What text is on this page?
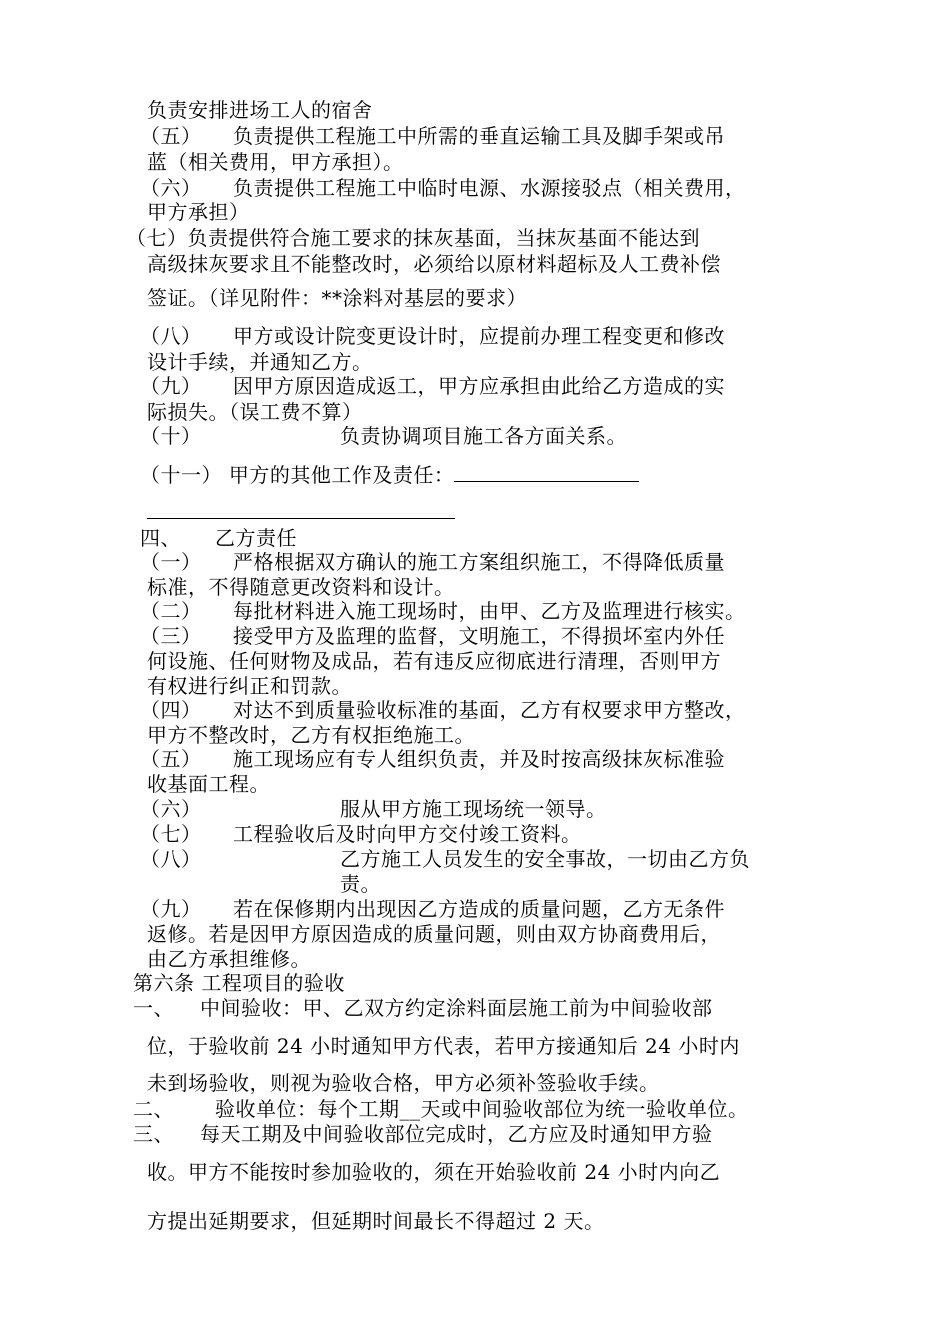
负责安排进场工人的宿舍
（五） 负责提供工程施工中所需的垂直运输工具及脚手架或吊
蓝（相关费用，甲方承担）。
（六） 负责提供工程施工中临时电源、水源接驳点（相关费用，
甲方承担）
（七）负责提供符合施工要求的抹灰基面，当抹灰基面不能达到
高级抹灰要求且不能整改时，必须给以原材料超标及人工费补偿
签证。（详见附件：**涂料对基层的要求）
（八） 甲方或设计院变更设计时，应提前办理工程变更和修改
设计手续，并通知乙方。
（九） 因甲方原因造成返工，甲方应承担由此给乙方造成的实
际损失。（误工费不算）
（十）	负责协调项目施工各方面关系。
（十一） 甲方的其他工作及责任：
四、 乙方责任
（一） 严格根据双方确认的施工方案组织施工，不得降低质量
标准，不得随意更改资料和设计。
（二） 每批材料进入施工现场时，由甲、乙方及监理进行核实。
（三） 接受甲方及监理的监督，文明施工，不得损坏室内外任
何设施、任何财物及成品，若有违反应彻底进行清理，否则甲方
有权进行纠正和罚款。
（四） 对达不到质量验收标准的基面，乙方有权要求甲方整改，
甲方不整改时，乙方有权拒绝施工。
（五） 施工现场应有专人组织负责，并及时按高级抹灰标准验
收基面工程。
（六）	服从甲方施工现场统一领导。
（七） 工程验收后及时向甲方交付竣工资料。
（八）	乙方施工人员发生的安全事故，一切由乙方负
责。
（九） 若在保修期内出现因乙方造成的质量问题，乙方无条件
返修。若是因甲方原因造成的质量问题，则由双方协商费用后，
由乙方承担维修。
第六条 工程项目的验收
一、 中间验收：甲、乙双方约定涂料面层施工前为中间验收部
位，于验收前 24 小时通知甲方代表，若甲方接通知后 24 小时内
未到场验收，则视为验收合格，甲方必须补签验收手续。
二、 验收单位：每个工期__天或中间验收部位为统一验收单位。
三、 每天工期及中间验收部位完成时，乙方应及时通知甲方验
收。甲方不能按时参加验收的，须在开始验收前 24 小时内向乙
方提出延期要求，但延期时间最长不得超过 2 天。
